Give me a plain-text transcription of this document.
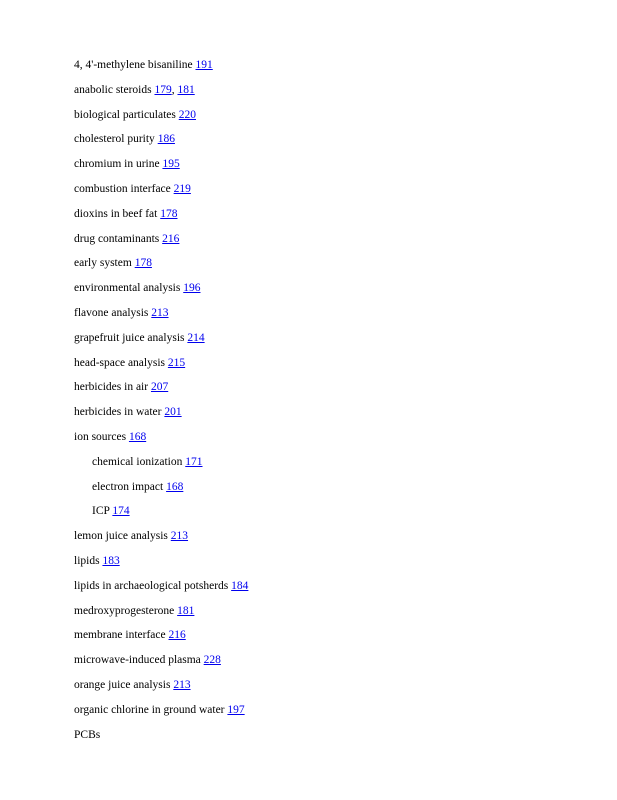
4, 4'-methylene bisaniline 191
anabolic steroids 179, 181
biological particulates 220
cholesterol purity 186
chromium in urine 195
combustion interface 219
dioxins in beef fat 178
drug contaminants 216
early system 178
environmental analysis 196
flavone analysis 213
grapefruit juice analysis 214
head-space analysis 215
herbicides in air 207
herbicides in water 201
ion sources 168
chemical ionization 171
electron impact 168
ICP 174
lemon juice analysis 213
lipids 183
lipids in archaeological potsherds 184
medroxyprogesterone 181
membrane interface 216
microwave-induced plasma 228
orange juice analysis 213
organic chlorine in ground water 197
PCBs
